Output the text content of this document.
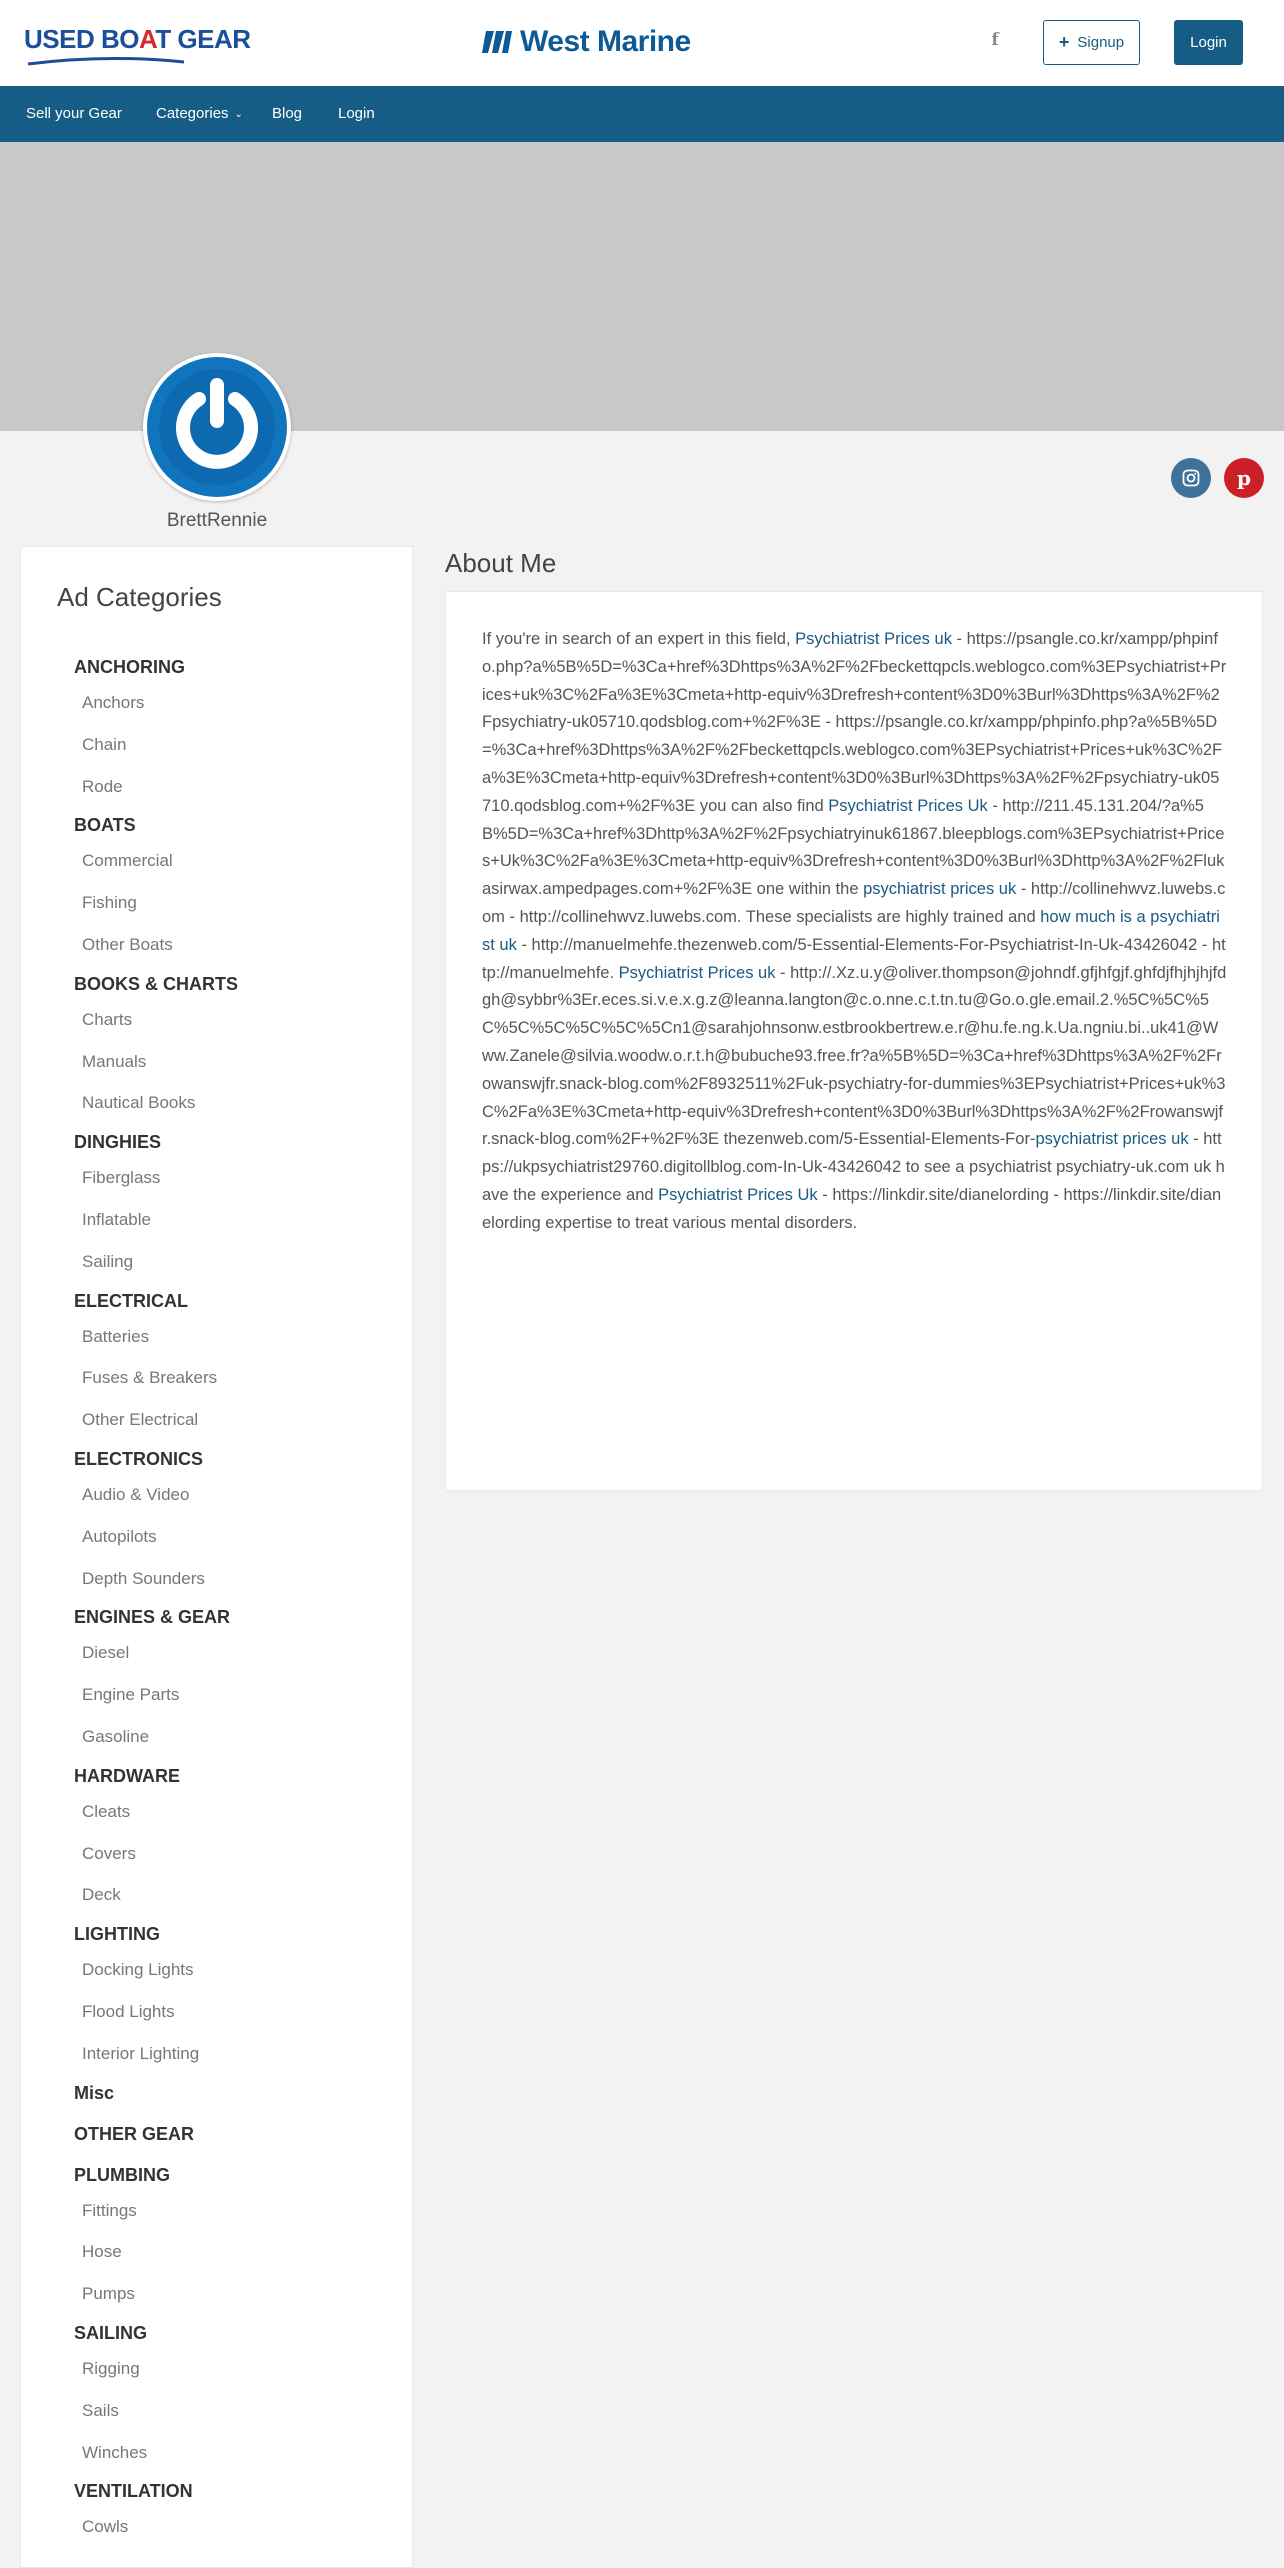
USED BOAT GEAR	West Marine	f	+ Signup	Login
Sell your Gear Categories ⌄ Blog Login
BrettRennie
p
Ad Categories
ANCHORING
Anchors
Chain
Rode
BOATS
Commercial
Fishing
Other Boats
BOOKS & CHARTS
Charts
Manuals
Nautical Books
DINGHIES
Fiberglass
Inflatable
Sailing
ELECTRICAL
Batteries
Fuses & Breakers
Other Electrical
ELECTRONICS
Audio & Video
Autopilots
Depth Sounders
ENGINES & GEAR
Diesel
Engine Parts
Gasoline
HARDWARE
Cleats
Covers
Deck
LIGHTING
Docking Lights
Flood Lights
Interior Lighting
Misc
OTHER GEAR
PLUMBING
Fittings
Hose
Pumps
SAILING
Rigging
Sails
Winches
VENTILATION
Cowls
About Me
If you're in search of an expert in this field, Psychiatrist Prices uk - https://psangle.co.kr/xampp/phpinfo.php?a%5B%5D=%3Ca+href%3Dhttps%3A%2F%2Fbeckettqpcls.weblogco.com%3EPsychiatrist+Prices+uk%3C%2Fa%3E%3Cmeta+http-equiv%3Drefresh+content%3D0%3Burl%3Dhttps%3A%2F%2Fpsychiatry-uk05710.qodsblog.com+%2F%3E - https://psangle.co.kr/xampp/phpinfo.php?a%5B%5D=%3Ca+href%3Dhttps%3A%2F%2Fbeckettqpcls.weblogco.com%3EPsychiatrist+Prices+uk%3C%2Fa%3E%3Cmeta+http-equiv%3Drefresh+content%3D0%3Burl%3Dhttps%3A%2F%2Fpsychiatry-uk05710.qodsblog.com+%2F%3E you can also find Psychiatrist Prices Uk - http://211.45.131.204/?a%5B%5D=%3Ca+href%3Dhttp%3A%2F%2Fpsychiatryinuk61867.bleepblogs.com%3EPsychiatrist+Prices+Uk%3C%2Fa%3E%3Cmeta+http-equiv%3Drefresh+content%3D0%3Burl%3Dhttp%3A%2F%2Flukasirwax.ampedpages.com+%2F%3E one within the psychiatrist prices uk - http://collinehwvz.luwebs.com - http://collinehwvz.luwebs.com. These specialists are highly trained and how much is a psychiatrist uk - http://manuelmehfe.thezenweb.com/5-Essential-Elements-For-Psychiatrist-In-Uk-43426042 - http://manuelmehfe. Psychiatrist Prices uk - http://.Xz.u.y@oliver.thompson@johndf.gfjhfgjf.ghfdjfhjhjhjfdgh@sybbr%3Er.eces.si.v.e.x.g.z@leanna.langton@c.o.nne.c.t.tn.tu@Go.o.gle.email.2.%5C%5C%5C%5C%5C%5C%5C%5Cn1@sarahjohnsonw.estbrookbertrew.e.r@hu.fe.ng.k.Ua.ngniu.bi..uk41@Www.Zanele@silvia.woodw.o.r.t.h@bubuche93.free.fr?a%5B%5D=%3Ca+href%3Dhttps%3A%2F%2Frowanswjfr.snack-blog.com%2F8932511%2Fuk-psychiatry-for-dummies%3EPsychiatrist+Prices+uk%3C%2Fa%3E%3Cmeta+http-equiv%3Drefresh+content%3D0%3Burl%3Dhttps%3A%2F%2Frowanswjfr.snack-blog.com%2F+%2F%3E thezenweb.com/5-Essential-Elements-For-psychiatrist prices uk - https://ukpsychiatrist29760.digitollblog.com-In-Uk-43426042 to see a psychiatrist psychiatry-uk.com uk have the experience and Psychiatrist Prices Uk - https://linkdir.site/dianelording - https://linkdir.site/dianelording expertise to treat various mental disorders.
